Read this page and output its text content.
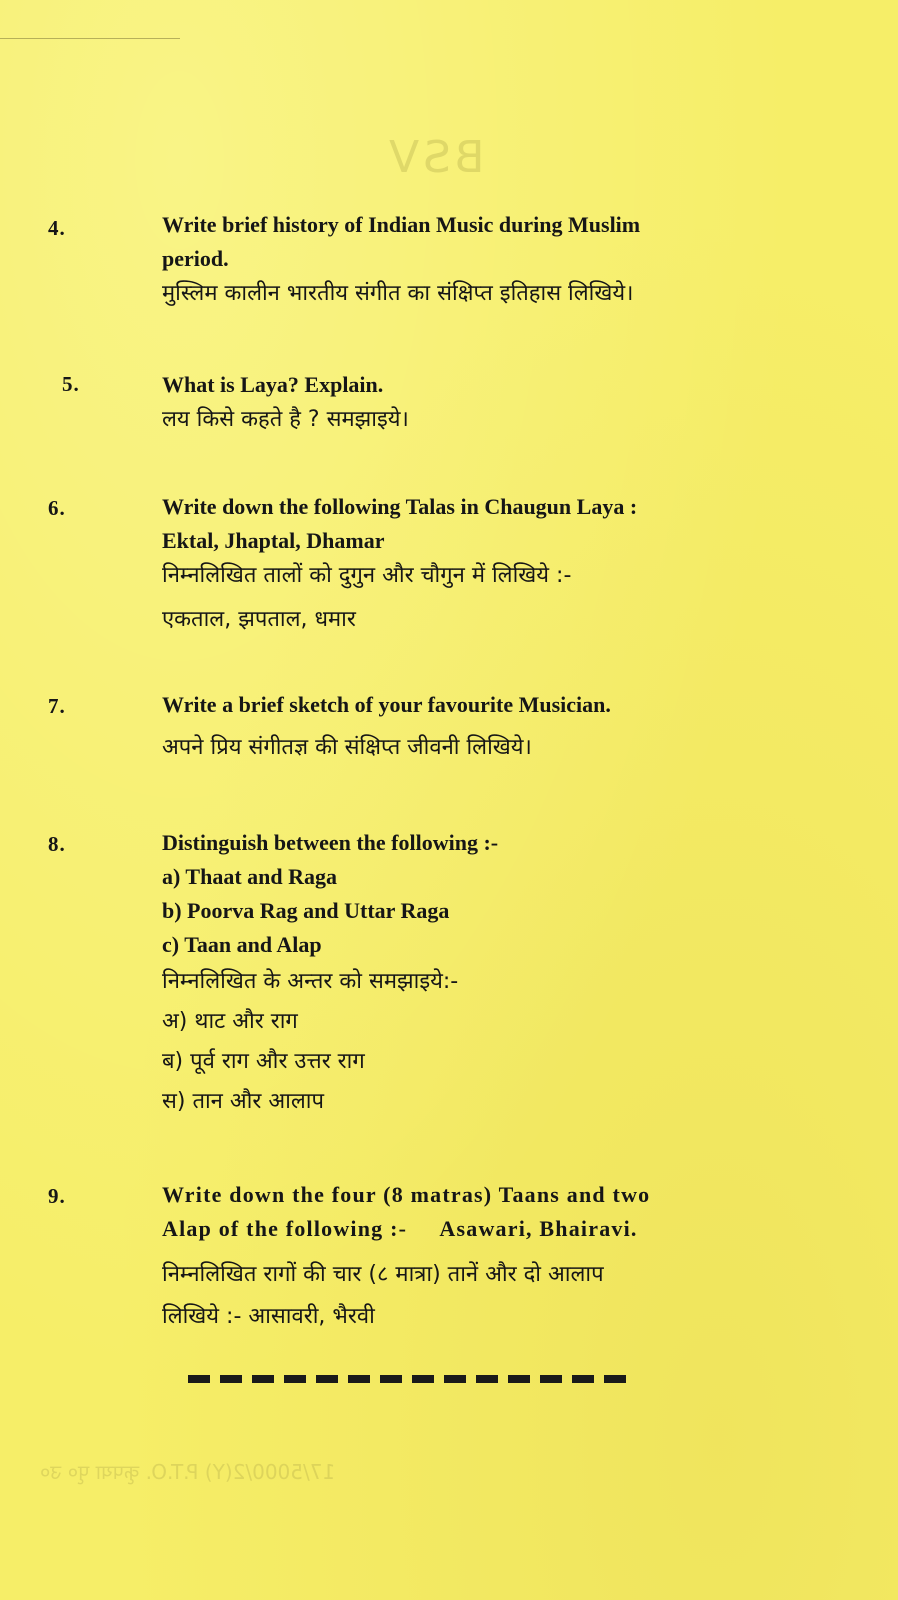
BSV
17/5000/2(Y) P.T.O. कृपया पृ० उ०
4.	Write brief history of Indian Music during Muslim
period.
मुस्लिम कालीन भारतीय संगीत का संक्षिप्त इतिहास लिखिये।
5.	What is Laya? Explain.
लय किसे कहते है ? समझाइये।
6.	Write down the following Talas in Chaugun Laya :
Ektal, Jhaptal, Dhamar
निम्नलिखित तालों को दुगुन और चौगुन में लिखिये :-
एकताल, झपताल, धमार
7.	Write a brief sketch of your favourite Musician.
अपने प्रिय संगीतज्ञ की संक्षिप्त जीवनी लिखिये।
8.	Distinguish between the following :-
a) Thaat and Raga
b) Poorva Rag and Uttar Raga
c) Taan and Alap
निम्नलिखित के अन्तर को समझाइये:-
अ) थाट और राग
ब) पूर्व राग और उत्तर राग
स) तान और आलाप
9.	Write down the four (8 matras) Taans and two
Alap of the following :-     Asawari, Bhairavi.
निम्नलिखित रागों की चार (८ मात्रा) तानें और दो आलाप
लिखिये :- आसावरी, भैरवी
